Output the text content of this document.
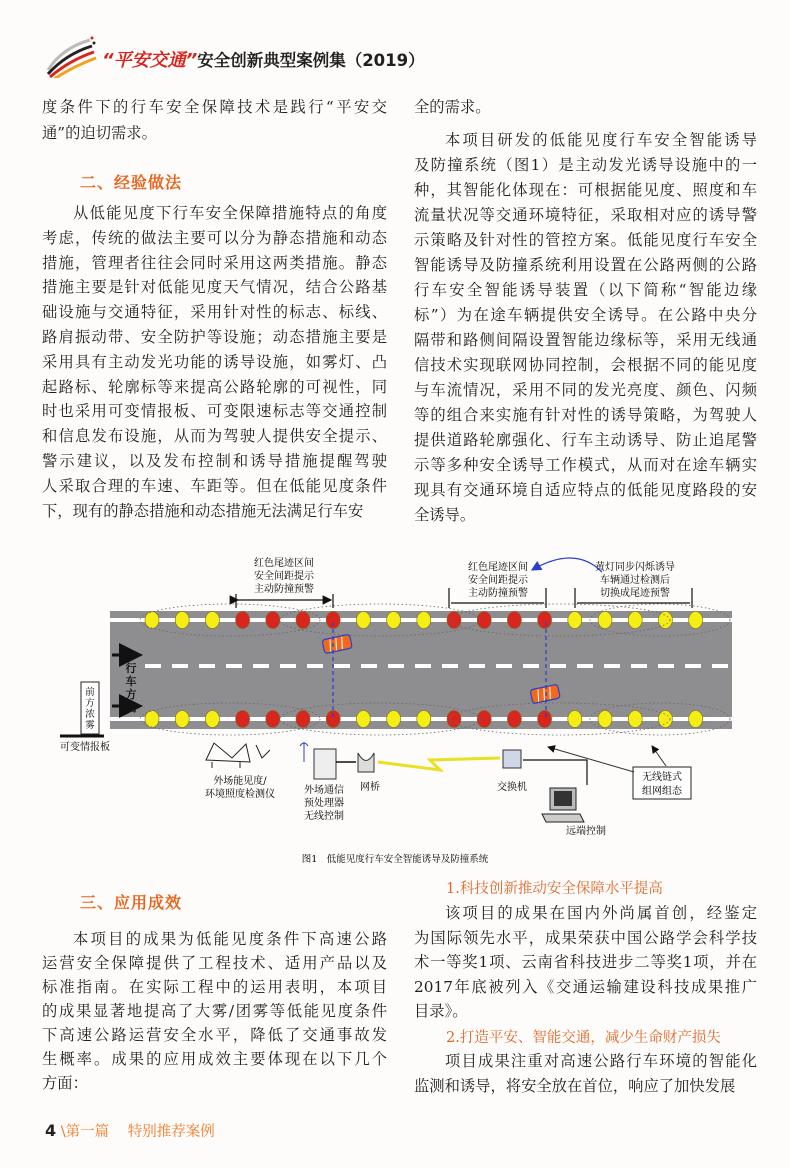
“平安交通”安全创新典型案例集（2019）
度条件下的行车安全保障技术是践行“平安交
通”的迫切需求。
二、经验做法
从低能见度下行车安全保障措施特点的角度
考虑，传统的做法主要可以分为静态措施和动态
措施，管理者往往会同时采用这两类措施。静态
措施主要是针对低能见度天气情况，结合公路基
础设施与交通特征，采用针对性的标志、标线、
路肩振动带、安全防护等设施；动态措施主要是
采用具有主动发光功能的诱导设施，如雾灯、凸
起路标、轮廓标等来提高公路轮廓的可视性，同
时也采用可变情报板、可变限速标志等交通控制
和信息发布设施，从而为驾驶人提供安全提示、
警示建议，以及发布控制和诱导措施提醒驾驶
人采取合理的车速、车距等。但在低能见度条件
下，现有的静态措施和动态措施无法满足行车安
全的需求。
本项目研发的低能见度行车安全智能诱导
及防撞系统（图1）是主动发光诱导设施中的一
种，其智能化体现在：可根据能见度、照度和车
流量状况等交通环境特征，采取相对应的诱导警
示策略及针对性的管控方案。低能见度行车安全
智能诱导及防撞系统利用设置在公路两侧的公路
行车安全智能诱导装置（以下简称“智能边缘
标”）为在途车辆提供安全诱导。在公路中央分
隔带和路侧间隔设置智能边缘标等，采用无线通
信技术实现联网协同控制，会根据不同的能见度
与车流情况，采用不同的发光亮度、颜色、闪频
等的组合来实施有针对性的诱导策略，为驾驶人
提供道路轮廓强化、行车主动诱导、防止追尾警
示等多种安全诱导工作模式，从而对在途车辆实
现具有交通环境自适应特点的低能见度路段的安
全诱导。
红色尾迹区间
安全间距提示
主动防撞预警
红色尾迹区间
安全间距提示
主动防撞预警
黄灯同步闪烁诱导
车辆通过检测后
切换成尾迹预警
行
车
方
向
前
方
浓
雾
可变情报板
外场能见度/
环境照度检测仪	外场通信
预处理器
无线控制
网桥	交换机
远端控制
无线链式
组网组态
图1　低能见度行车安全智能诱导及防撞系统
三、应用成效
本项目的成果为低能见度条件下高速公路
运营安全保障提供了工程技术、适用产品以及
标准指南。在实际工程中的运用表明，本项目
的成果显著地提高了大雾/团雾等低能见度条件
下高速公路运营安全水平，降低了交通事故发
生概率。成果的应用成效主要体现在以下几个
方面：
1.科技创新推动安全保障水平提高
该项目的成果在国内外尚属首创，经鉴定
为国际领先水平，成果荣获中国公路学会科学技
术一等奖1项、云南省科技进步二等奖1项，并在
2017年底被列入《交通运输建设科技成果推广
目录》。
2.打造平安、智能交通，减少生命财产损失
项目成果注重对高速公路行车环境的智能化
监测和诱导，将安全放在首位，响应了加快发展
4 \第一篇 特别推荐案例
